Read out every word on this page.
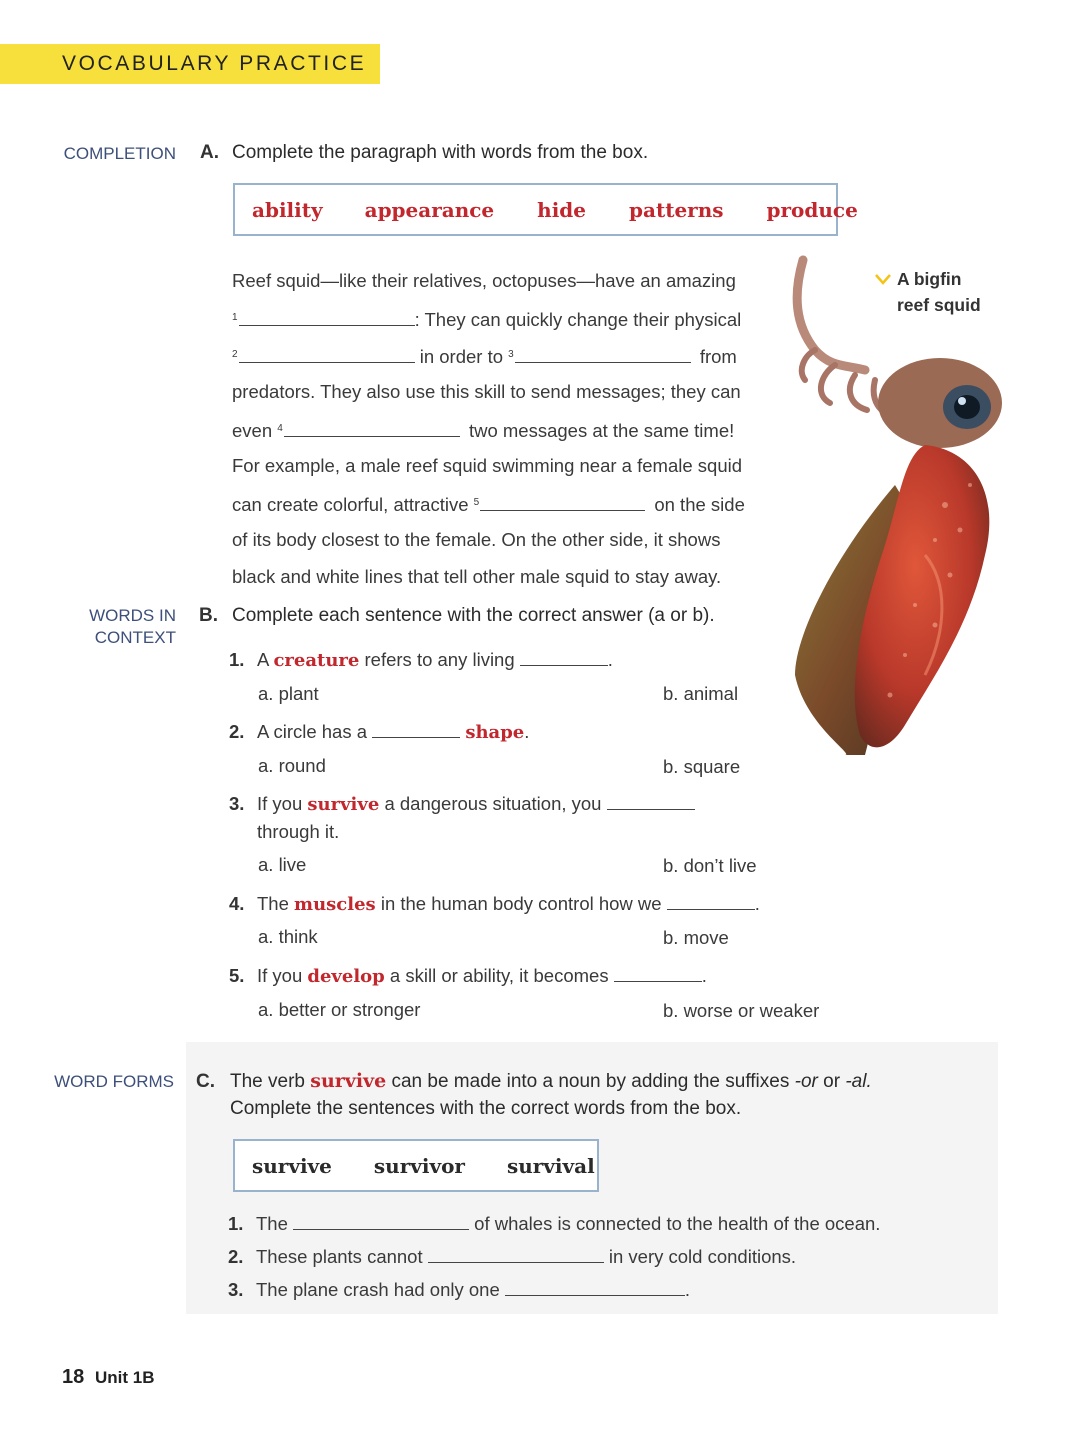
VOCABULARY PRACTICE
COMPLETION A. Complete the paragraph with words from the box.
ability appearance hide patterns produce
Reef squid—like their relatives, octopuses—have an amazing
$^1$	: They can quickly change their physical
$^2$	in order to $^3$	from
predators. They also use this skill to send messages; they can
even $^4$	two messages at the same time!
For example, a male reef squid swimming near a female squid
can create colorful, attractive $^5$	on the side
of its body closest to the female. On the other side, it shows
black and white lines that tell other male squid to stay away.
A bigfin
reef squid
WORDS IN
CONTEXT
B. Complete each sentence with the correct answer (a or b).
1. A creature refers to any living	.
a. plant	b. animal
2. A circle has a	shape.
a. round	b. square
3. If you survive a dangerous situation, you
through it.
a. live	b. don’t live
4. The muscles in the human body control how we	.
a. think	b. move
5. If you develop a skill or ability, it becomes	.
a. better or stronger	b. worse or weaker
WORD FORMS C. The verb survive can be made into a noun by adding the suffixes -or or -al.
Complete the sentences with the correct words from the box.
survive survivor survival
1. The	of whales is connected to the health of the ocean.
2. These plants cannot	in very cold conditions.
3. The plane crash had only one	.
18 Unit 1B
